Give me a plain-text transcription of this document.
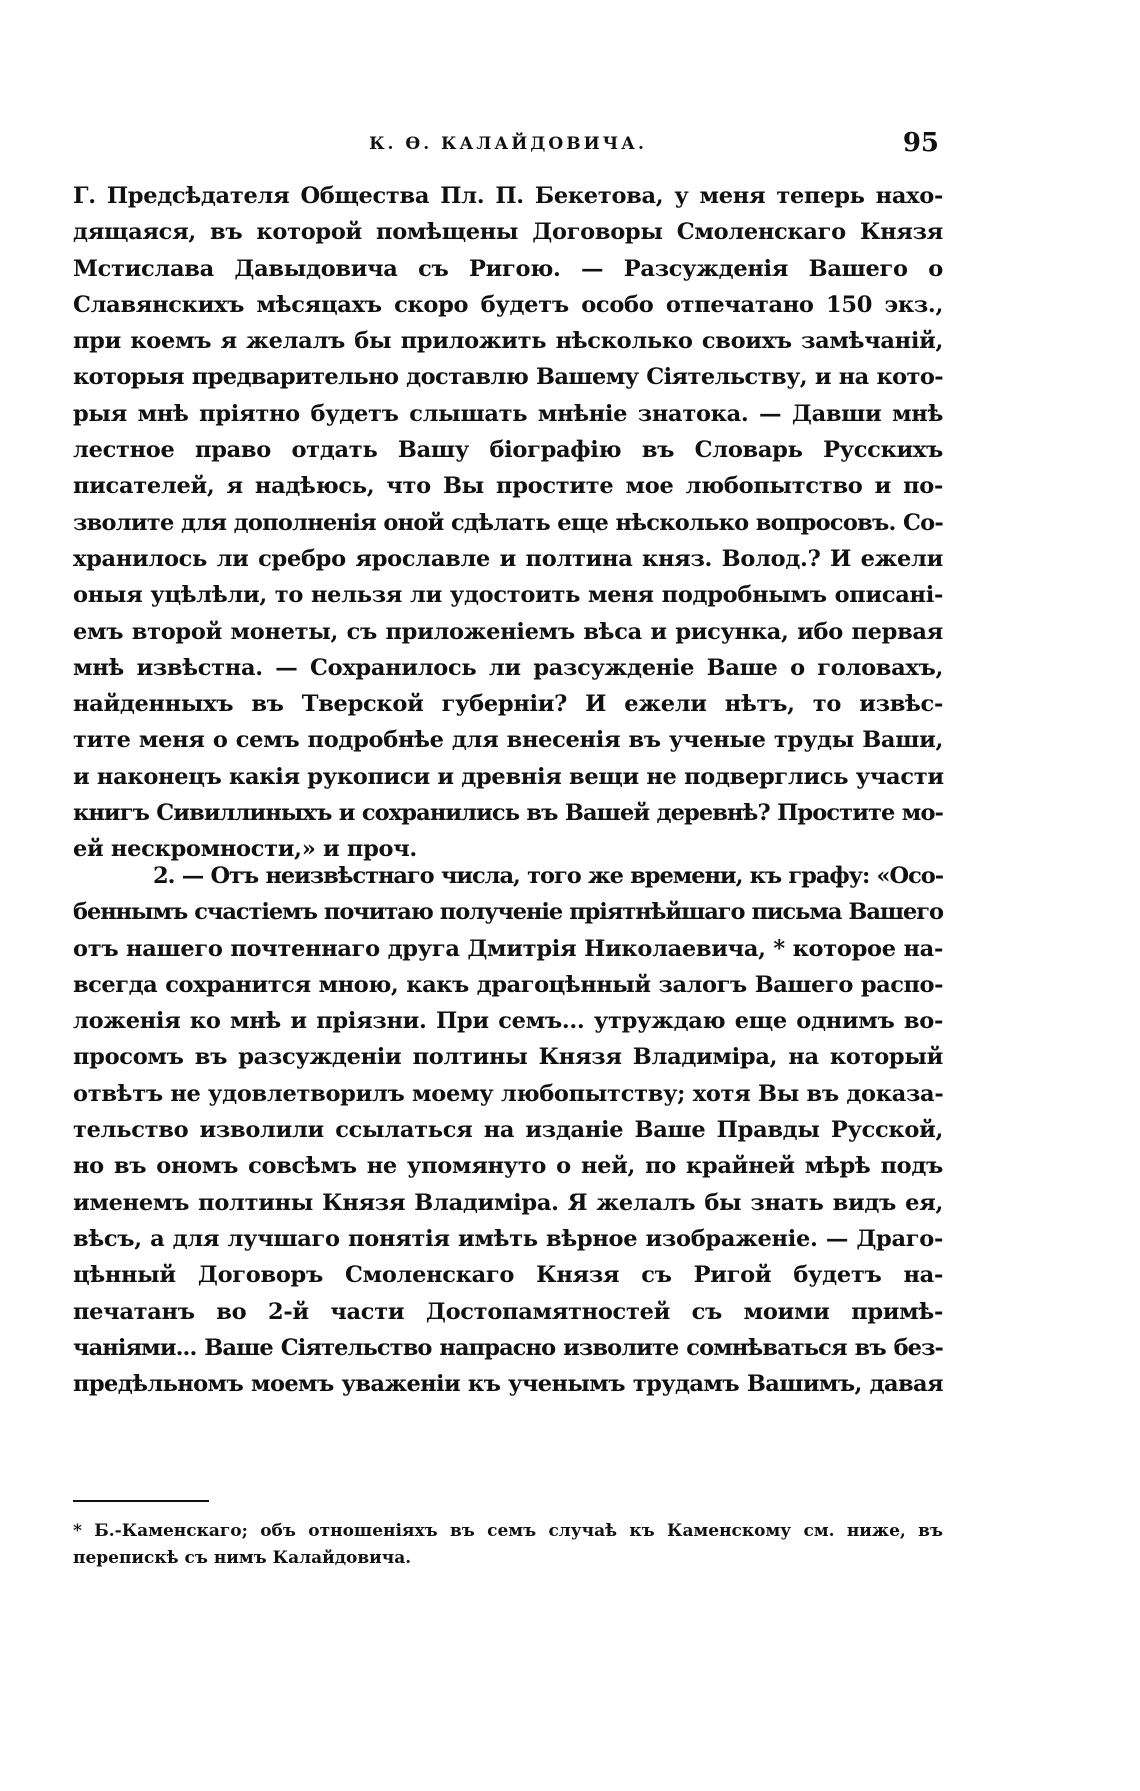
К. Ѳ. КАЛАЙДОВИЧА.	95
Г. Предсѣдателя Общества Пл. П. Бекетова, у меня теперь нахо-
дящаяся, въ которой помѣщены Договоры Смоленскаго Князя
Мстислава Давыдовича съ Ригою. — Разсужденія Вашего о
Славянскихъ мѣсяцахъ скоро будетъ особо отпечатано 150 экз.,
при коемъ я желалъ бы приложить нѣсколько своихъ замѣчаній,
которыя предварительно доставлю Вашему Сіятельству, и на кото-
рыя мнѣ пріятно будетъ слышать мнѣніе знатока. — Давши мнѣ
лестное право отдать Вашу біографію въ Словарь Русскихъ
писателей, я надѣюсь, что Вы простите мое любопытство и по-
зволите для дополненія оной сдѣлать еще нѣсколько вопросовъ. Со-
хранилось ли сребро ярославле и полтина княз. Волод.? И ежели
оныя уцѣлѣли, то нельзя ли удостоить меня подробнымъ описані-
емъ второй монеты, съ приложеніемъ вѣса и рисунка, ибо первая
мнѣ извѣстна. — Сохранилось ли разсужденіе Ваше о головахъ,
найденныхъ въ Тверской губерніи? И ежели нѣтъ, то извѣс-
тите меня о семъ подробнѣе для внесенія въ ученые труды Ваши,
и наконецъ какія рукописи и древнія вещи не подверглись участи
книгъ Сивиллиныхъ и сохранились въ Вашей деревнѣ? Простите мо-
ей нескромности,» и проч.
2. — Отъ неизвѣстнаго числа, того же времени, къ графу: «Осо-
беннымъ счастіемъ почитаю полученіе пріятнѣйшаго письма Вашего
отъ нашего почтеннаго друга Дмитрія Николаевича, * которое на-
всегда сохранится мною, какъ драгоцѣнный залогъ Вашего распо-
ложенія ко мнѣ и пріязни. При семъ... утруждаю еще однимъ во-
просомъ въ разсужденіи полтины Князя Владиміра, на который
отвѣтъ не удовлетворилъ моему любопытству; хотя Вы въ доказа-
тельство изволили ссылаться на изданіе Ваше Правды Русской,
но въ ономъ совсѣмъ не упомянуто о ней, по крайней мѣрѣ подъ
именемъ полтины Князя Владиміра. Я желалъ бы знать видъ ея,
вѣсъ, а для лучшаго понятія имѣть вѣрное изображеніе. — Драго-
цѣнный Договоръ Смоленскаго Князя съ Ригой будетъ на-
печатанъ во 2-й части Достопамятностей съ моими примѣ-
чаніями... Ваше Сіятельство напрасно изволите сомнѣваться въ без-
предѣльномъ моемъ уваженіи къ ученымъ трудамъ Вашимъ, давая
* Б.-Каменскаго; объ отношеніяхъ въ семъ случаѣ къ Каменскому см. ниже, въ
перепискѣ съ нимъ Калайдовича.
